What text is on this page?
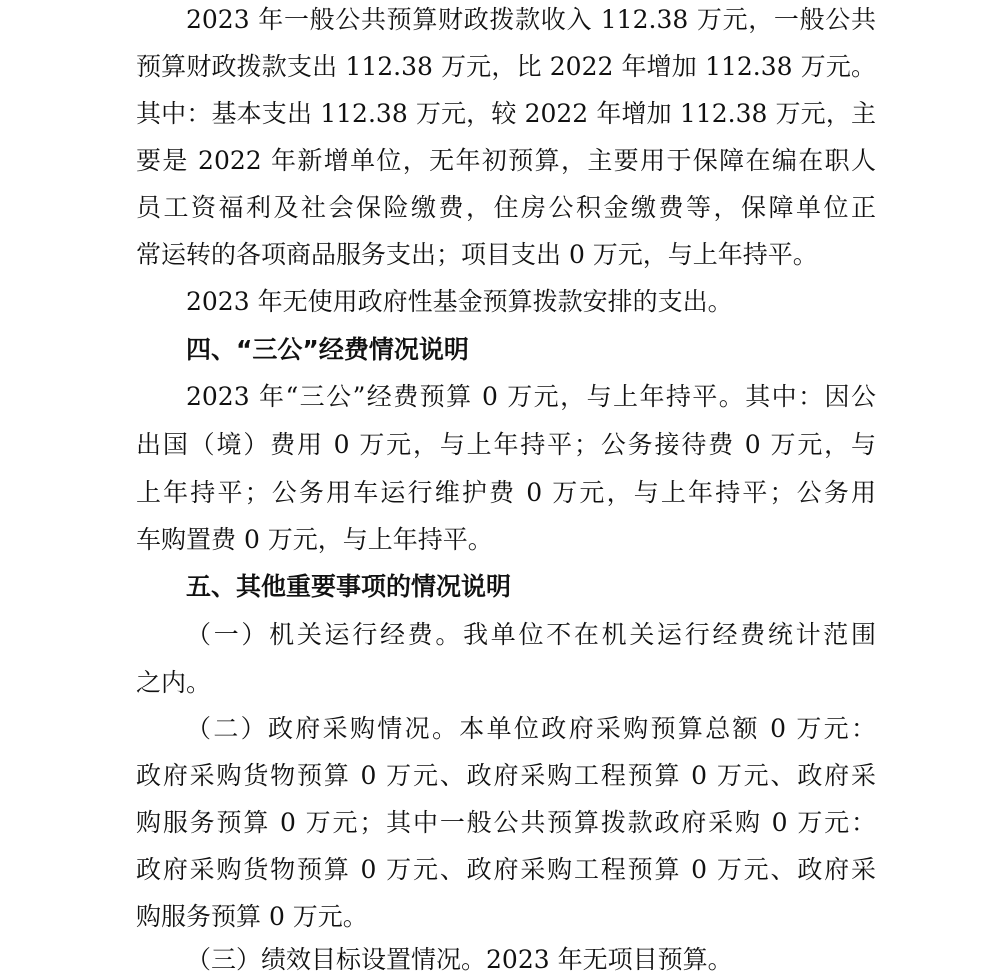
2023 年一般公共预算财政拨款收入 112.38 万元，一般公共
预算财政拨款支出 112.38 万元，比 2022 年增加 112.38 万元。
其中：基本支出 112.38 万元，较 2022 年增加 112.38 万元，主
要是 2022 年新增单位，无年初预算，主要用于保障在编在职人
员工资福利及社会保险缴费，住房公积金缴费等，保障单位正
常运转的各项商品服务支出；项目支出 0 万元，与上年持平。
2023 年无使用政府性基金预算拨款安排的支出。
四、“三公”经费情况说明
2023 年“三公”经费预算 0 万元，与上年持平。其中：因公
出国（境）费用 0 万元，与上年持平；公务接待费 0 万元，与
上年持平；公务用车运行维护费 0 万元，与上年持平；公务用
车购置费 0 万元，与上年持平。
五、其他重要事项的情况说明
（一）机关运行经费。我单位不在机关运行经费统计范围
之内。
（二）政府采购情况。本单位政府采购预算总额 0 万元：
政府采购货物预算 0 万元、政府采购工程预算 0 万元、政府采
购服务预算 0 万元；其中一般公共预算拨款政府采购 0 万元：
政府采购货物预算 0 万元、政府采购工程预算 0 万元、政府采
购服务预算 0 万元。
（三）绩效目标设置情况。2023 年无项目预算。
